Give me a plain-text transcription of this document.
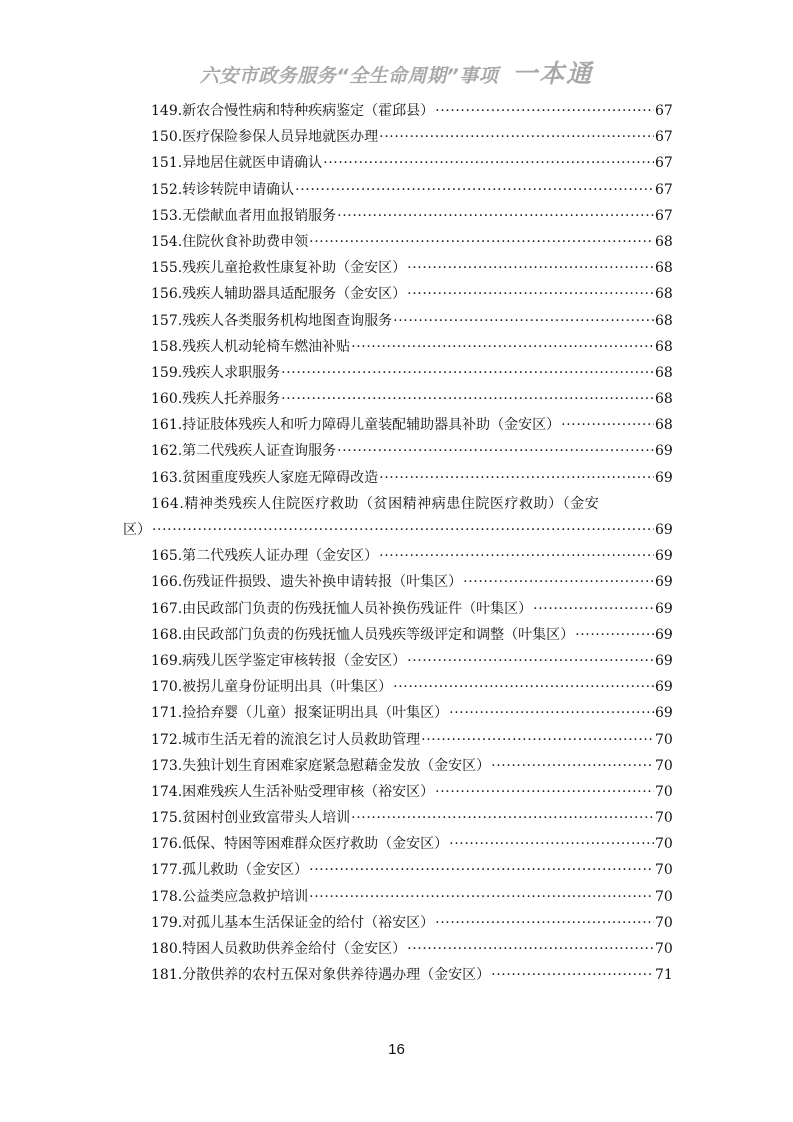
六安市政务服务“全生命周期”事项 一本通
149. 新农合慢性病和特种疾病鉴定（霍邱县） ·····	67
150. 医疗保险参保人员异地就医办理 ·····	67
151. 异地居住就医申请确认 ·····	67
152. 转诊转院申请确认 ·····	67
153. 无偿献血者用血报销服务 ·····	67
154. 住院伙食补助费申领 ·····	68
155. 残疾儿童抢救性康复补助（金安区） ·····	68
156. 残疾人辅助器具适配服务（金安区） ·····	68
157. 残疾人各类服务机构地图查询服务 ·····	68
158. 残疾人机动轮椅车燃油补贴 ·····	68
159. 残疾人求职服务 ·····	68
160. 残疾人托养服务 ·····	68
161. 持证肢体残疾人和听力障碍儿童装配辅助器具补助（金安区） ·····	68
162. 第二代残疾人证查询服务 ·····	69
163. 贫困重度残疾人家庭无障碍改造 ·····	69
164.精神类残疾人住院医疗救助（贫困精神病患住院医疗救助）（金安
区） ·····	69
165. 第二代残疾人证办理（金安区） ·····	69
166. 伤残证件损毁、遗失补换申请转报（叶集区） ·····	69
167. 由民政部门负责的伤残抚恤人员补换伤残证件（叶集区） ·····	69
168. 由民政部门负责的伤残抚恤人员残疾等级评定和调整（叶集区） ·····	69
169. 病残儿医学鉴定审核转报（金安区） ·····	69
170. 被拐儿童身份证明出具（叶集区） ·····	69
171. 捡拾弃婴（儿童）报案证明出具（叶集区） ·····	69
172. 城市生活无着的流浪乞讨人员救助管理 ·····	70
173. 失独计划生育困难家庭紧急慰藉金发放（金安区） ·····	70
174. 困难残疾人生活补贴受理审核（裕安区） ·····	70
175. 贫困村创业致富带头人培训 ·····	70
176. 低保、特困等困难群众医疗救助（金安区） ·····	70
177. 孤儿救助（金安区） ·····	70
178. 公益类应急救护培训 ·····	70
179. 对孤儿基本生活保证金的给付（裕安区） ·····	70
180. 特困人员救助供养金给付（金安区） ·····	70
181. 分散供养的农村五保对象供养待遇办理（金安区） ·····	71
16
